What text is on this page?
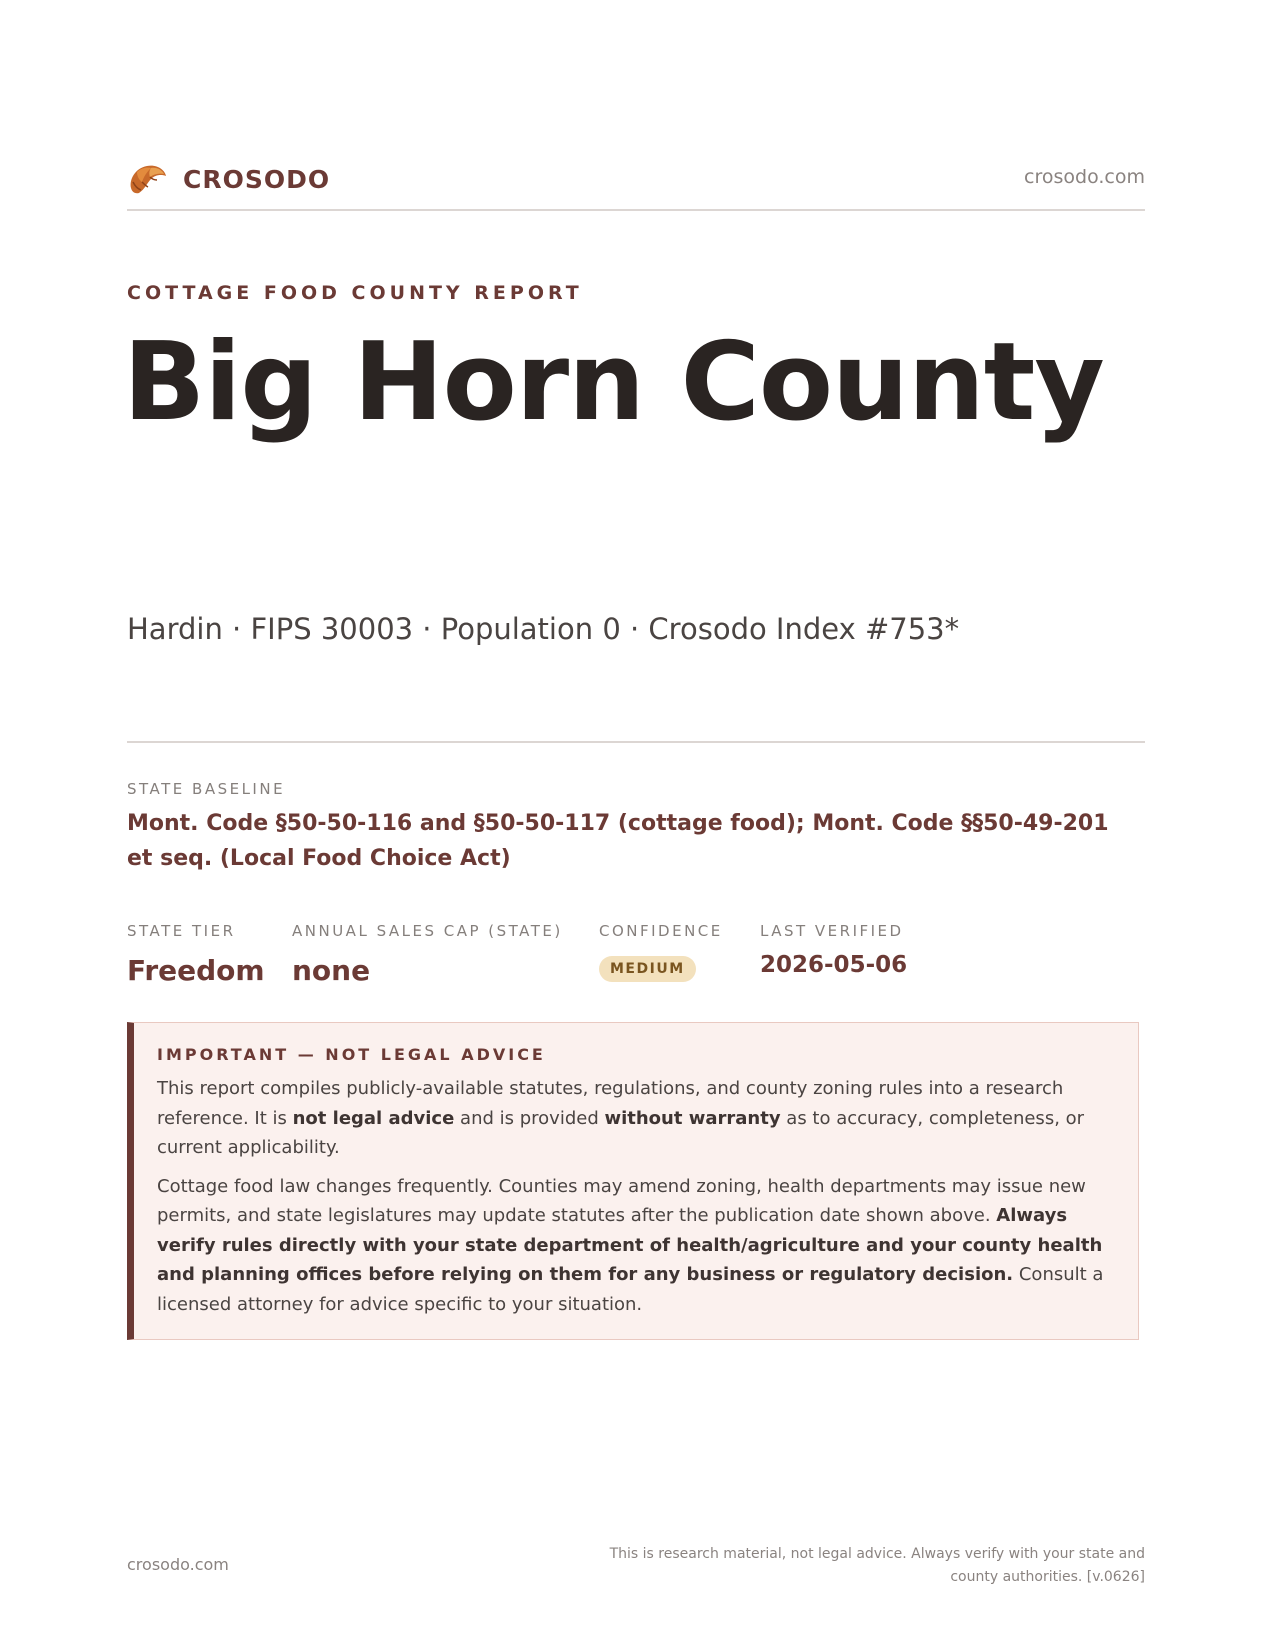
CROSODO	crosodo.com
COTTAGE FOOD COUNTY REPORT
Big Horn County
Hardin · FIPS 30003 · Population 0 · Crosodo Index #753*
STATE BASELINE
Mont. Code §50-50-116 and §50-50-117 (cottage food); Mont. Code §§50-49-201 et seq. (Local Food Choice Act)
STATE TIER
Freedom
ANNUAL SALES CAP (STATE)
none
CONFIDENCE
MEDIUM
LAST VERIFIED
2026-05-06
IMPORTANT — NOT LEGAL ADVICE

This report compiles publicly-available statutes, regulations, and county zoning rules into a research reference. It is not legal advice and is provided without warranty as to accuracy, completeness, or current applicability.

Cottage food law changes frequently. Counties may amend zoning, health departments may issue new permits, and state legislatures may update statutes after the publication date shown above. Always verify rules directly with your state department of health/agriculture and your county health and planning offices before relying on them for any business or regulatory decision. Consult a licensed attorney for advice specific to your situation.

crosodo.com
This is research material, not legal advice. Always verify with your state and county authorities. [v.0626]
